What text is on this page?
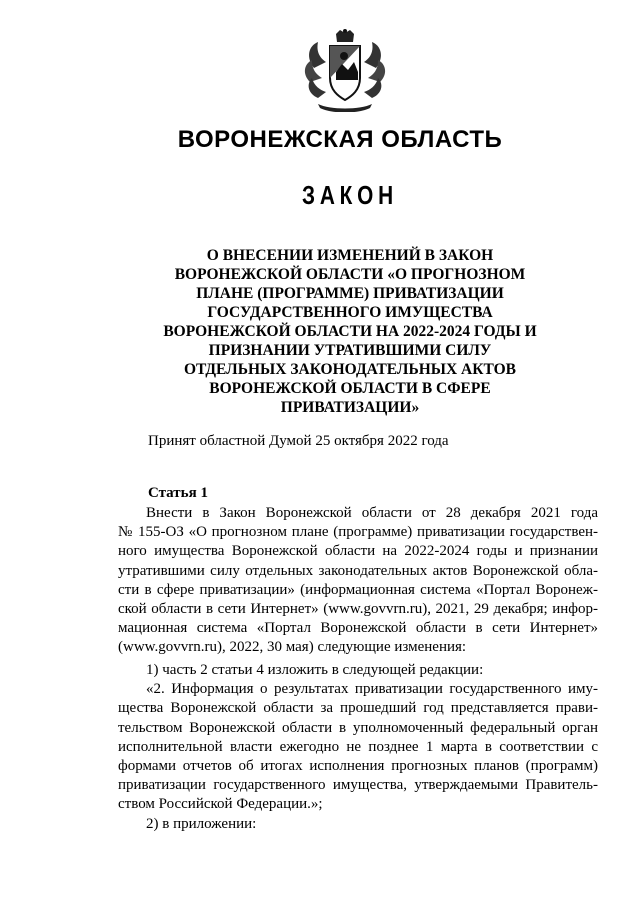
ВОРОНЕЖСКАЯ ОБЛАСТЬ
ЗАКОН
О ВНЕСЕНИИ ИЗМЕНЕНИЙ В ЗАКОН
ВОРОНЕЖСКОЙ ОБЛАСТИ «О ПРОГНОЗНОМ
ПЛАНЕ (ПРОГРАММЕ) ПРИВАТИЗАЦИИ
ГОСУДАРСТВЕННОГО ИМУЩЕСТВА
ВОРОНЕЖСКОЙ ОБЛАСТИ НА 2022-2024 ГОДЫ И
ПРИЗНАНИИ УТРАТИВШИМИ СИЛУ
ОТДЕЛЬНЫХ ЗАКОНОДАТЕЛЬНЫХ АКТОВ
ВОРОНЕЖСКОЙ ОБЛАСТИ В СФЕРЕ
ПРИВАТИЗАЦИИ»
Принят областной Думой 25 октября 2022 года
Статья 1
Внести в Закон Воронежской области от 28 декабря 2021 года
№ 155-ОЗ «О прогнозном плане (программе) приватизации государствен-
ного имущества Воронежской области на 2022-2024 годы и признании
утратившими силу отдельных законодательных актов Воронежской обла-
сти в сфере приватизации» (информационная система «Портал Воронеж-
ской области в сети Интернет» (www.govvrn.ru), 2021, 29 декабря; инфор-
мационная система «Портал Воронежской области в сети Интернет»
(www.govvrn.ru), 2022, 30 мая) следующие изменения:
1) часть 2 статьи 4 изложить в следующей редакции:
«2. Информация о результатах приватизации государственного иму-
щества Воронежской области за прошедший год представляется прави-
тельством Воронежской области в уполномоченный федеральный орган
исполнительной власти ежегодно не позднее 1 марта в соответствии с
формами отчетов об итогах исполнения прогнозных планов (программ)
приватизации государственного имущества, утверждаемыми Правитель-
ством Российской Федерации.»;
2) в приложении:
